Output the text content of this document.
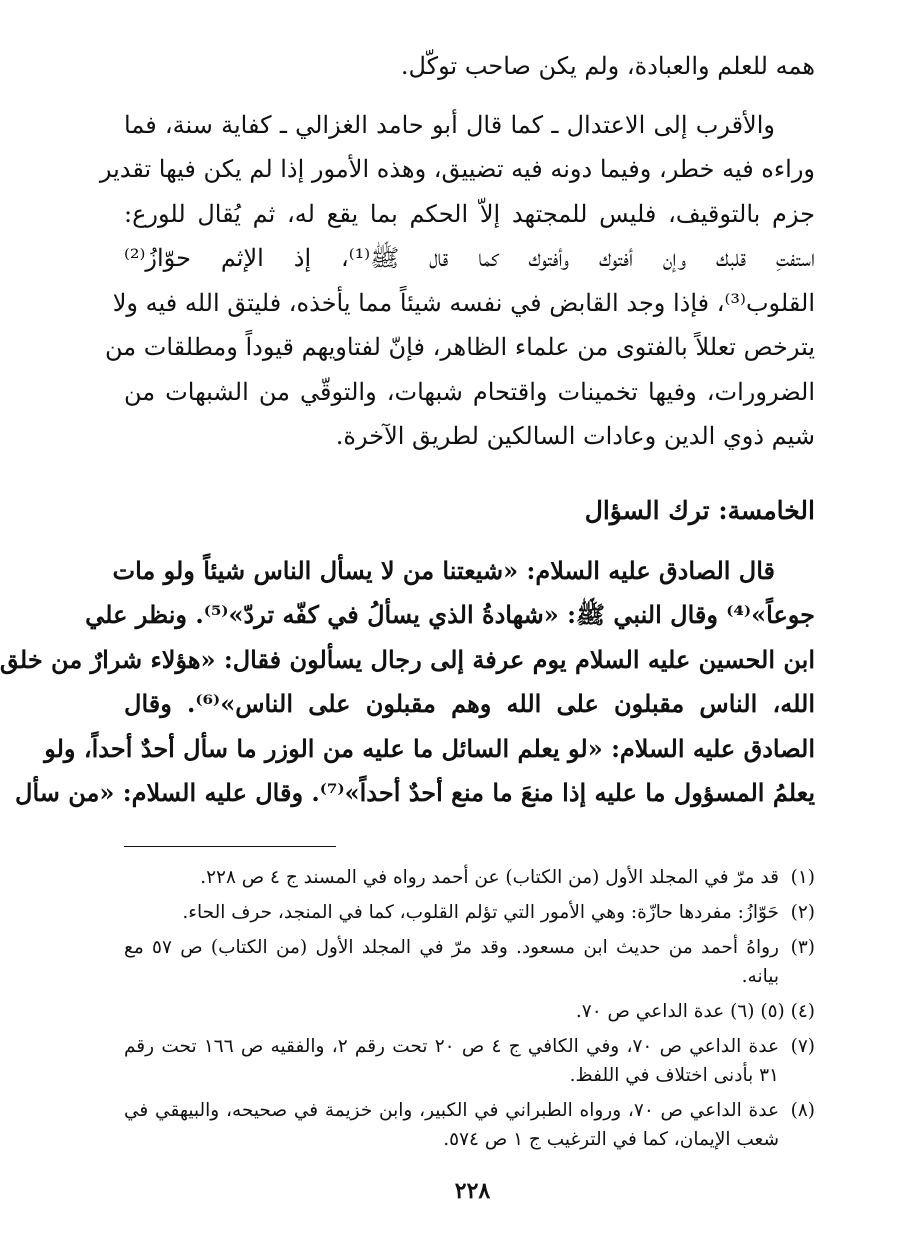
همه للعلم والعبادة، ولم يكن صاحب توكّل.
والأقرب إلى الاعتدال ـ كما قال أبو حامد الغزالي ـ كفاية سنة، فما
وراءه فيه خطر، وفيما دونه فيه تضييق، وهذه الأمور إذا لم يكن فيها تقدير
جزم بالتوقيف، فليس للمجتهد إلاّ الحكم بما يقع له، ثم يُقال للورع:
استفتِ قلبك وإن أفتوك وأفتوك كما قال ﷺ⁽¹⁾، إذ الإثم حوّازُ⁽²⁾
القلوب⁽³⁾، فإذا وجد القابض في نفسه شيئاً مما يأخذه، فليتق الله فيه ولا
يترخص تعللاً بالفتوى من علماء الظاهر، فإنّ لفتاويهم قيوداً ومطلقات من
الضرورات، وفيها تخمينات واقتحام شبهات، والتوقّي من الشبهات من
شيم ذوي الدين وعادات السالكين لطريق الآخرة.
الخامسة: ترك السؤال
قال الصادق عليه السلام: «شيعتنا من لا يسأل الناس شيئاً ولو مات
جوعاً»⁽⁴⁾ وقال النبي ﷺ: «شهادةُ الذي يسألُ في كفّه تردّ»⁽⁵⁾. ونظر علي
ابن الحسين عليه السلام يوم عرفة إلى رجال يسألون فقال: «هؤلاء شرارٌ من خلق
الله، الناس مقبلون على الله وهم مقبلون على الناس»⁽⁶⁾. وقال
الصادق عليه السلام: «لو يعلم السائل ما عليه من الوزر ما سأل أحدٌ أحداً، ولو
يعلمُ المسؤول ما عليه إذا منعَ ما منع أحدٌ أحداً»⁽⁷⁾. وقال عليه السلام: «من سأل
(١)
قد مرّ في المجلد الأول (من الكتاب) عن أحمد رواه في المسند ج ٤ ص ٢٢٨.
(٢)
حَوّازُ: مفردها حازّة: وهي الأمور التي تؤلم القلوب، كما في المنجد، حرف الحاء.
(٣)
رواهُ أحمد من حديث ابن مسعود. وقد مرّ في المجلد الأول (من الكتاب) ص ٥٧ مع بيانه.
(٤) (٥) (٦) عدة الداعي ص ٧٠.
(٧)
عدة الداعي ص ٧٠، وفي الكافي ج ٤ ص ٢٠ تحت رقم ٢، والفقيه ص ١٦٦ تحت رقم ٣١ بأدنى اختلاف في اللفظ.
(٨)
عدة الداعي ص ٧٠، ورواه الطبراني في الكبير، وابن خزيمة في صحيحه، والبيهقي في شعب الإيمان، كما في الترغيب ج ١ ص ٥٧٤.
٢٢٨
